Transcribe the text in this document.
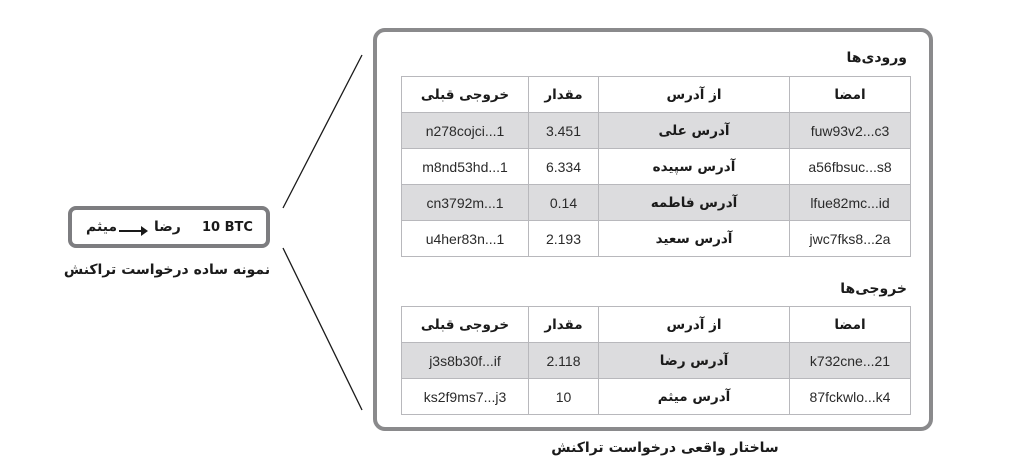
10 BTC
رضا
میثم
نمونه ساده درخواست تراکنش
ورودی‌ها
خروجی قبلی	مقدار	از آدرس	امضا
n278cojci...1	3.451	آدرس علی	fuw93v2...c3
m8nd53hd...1	6.334	آدرس سپیده	a56fbsuc...s8
cn3792m...1	0.14	آدرس فاطمه	lfue82mc...id
u4her83n...1	2.193	آدرس سعید	jwc7fks8...2a
خروجی‌ها
خروجی قبلی	مقدار	از آدرس	امضا
j3s8b30f...if	2.118	آدرس رضا	k732cne...21
ks2f9ms7...j3	10	آدرس میثم	87fckwlo...k4
ساختار واقعی درخواست تراکنش
